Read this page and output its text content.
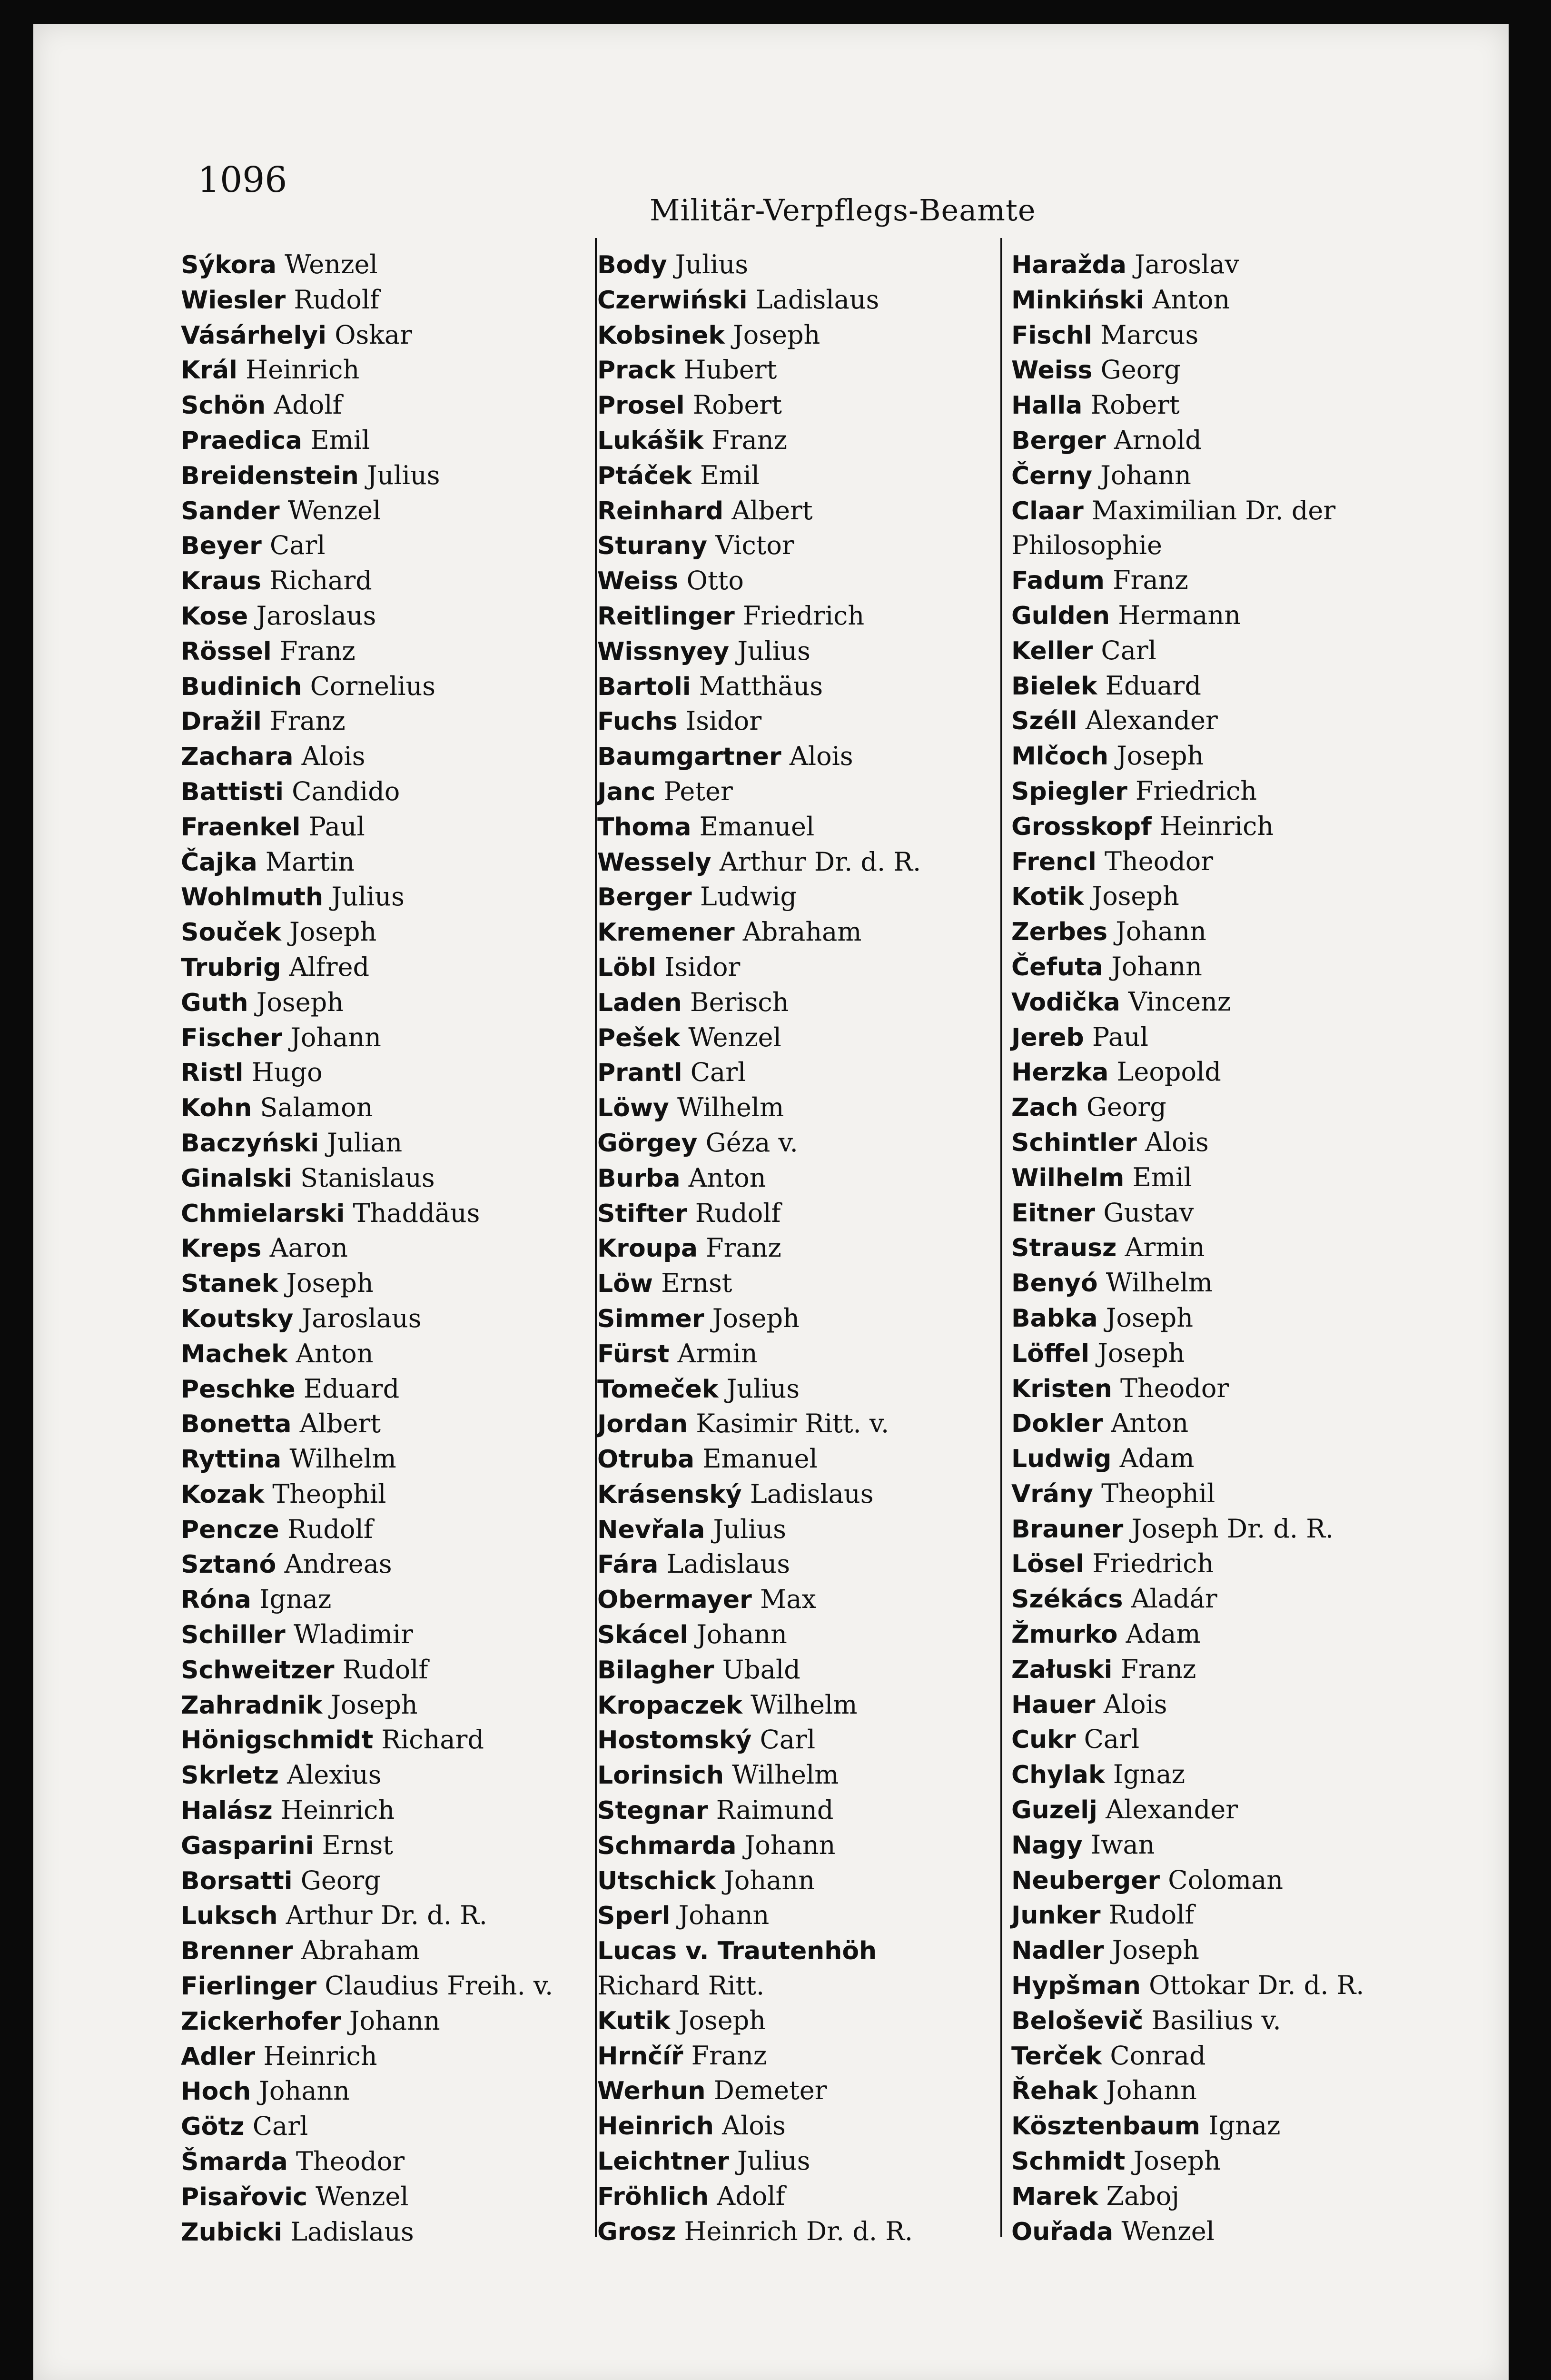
1096
Militär-Verpflegs-Beamte
Sýkora Wenzel
Wiesler Rudolf
Vásárhelyi Oskar
Král Heinrich
Schön Adolf
Praedica Emil
Breidenstein Julius
Sander Wenzel
Beyer Carl
Kraus Richard
Kose Jaroslaus
Rössel Franz
Budinich Cornelius
Dražil Franz
Zachara Alois
Battisti Candido
Fraenkel Paul
Čajka Martin
Wohlmuth Julius
Souček Joseph
Trubrig Alfred
Guth Joseph
Fischer Johann
Ristl Hugo
Kohn Salamon
Baczyński Julian
Ginalski Stanislaus
Chmielarski Thaddäus
Kreps Aaron
Stanek Joseph
Koutsky Jaroslaus
Machek Anton
Peschke Eduard
Bonetta Albert
Ryttina Wilhelm
Kozak Theophil
Pencze Rudolf
Sztanó Andreas
Róna Ignaz
Schiller Wladimir
Schweitzer Rudolf
Zahradnik Joseph
Hönigschmidt Richard
Skrletz Alexius
Halász Heinrich
Gasparini Ernst
Borsatti Georg
Luksch Arthur Dr. d. R.
Brenner Abraham
Fierlinger Claudius Freih. v.
Zickerhofer Johann
Adler Heinrich
Hoch Johann
Götz Carl
Šmarda Theodor
Pisařovic Wenzel
Zubicki Ladislaus
Body Julius
Czerwiński Ladislaus
Kobsinek Joseph
Prack Hubert
Prosel Robert
Lukášik Franz
Ptáček Emil
Reinhard Albert
Sturany Victor
Weiss Otto
Reitlinger Friedrich
Wissnyey Julius
Bartoli Matthäus
Fuchs Isidor
Baumgartner Alois
Janc Peter
Thoma Emanuel
Wessely Arthur Dr. d. R.
Berger Ludwig
Kremener Abraham
Löbl Isidor
Laden Berisch
Pešek Wenzel
Prantl Carl
Löwy Wilhelm
Görgey Géza v.
Burba Anton
Stifter Rudolf
Kroupa Franz
Löw Ernst
Simmer Joseph
Fürst Armin
Tomeček Julius
Jordan Kasimir Ritt. v.
Otruba Emanuel
Krásenský Ladislaus
Nevřala Julius
Fára Ladislaus
Obermayer Max
Skácel Johann
Bilagher Ubald
Kropaczek Wilhelm
Hostomský Carl
Lorinsich Wilhelm
Stegnar Raimund
Schmarda Johann
Utschick Johann
Sperl Johann
Lucas v. Trautenhöh Richard Ritt.
Kutik Joseph
Hrnčíř Franz
Werhun Demeter
Heinrich Alois
Leichtner Julius
Fröhlich Adolf
Grosz Heinrich Dr. d. R.
Haražda Jaroslav
Minkiński Anton
Fischl Marcus
Weiss Georg
Halla Robert
Berger Arnold
Černy Johann
Claar Maximilian Dr. der Philosophie
Fadum Franz
Gulden Hermann
Keller Carl
Bielek Eduard
Széll Alexander
Mlčoch Joseph
Spiegler Friedrich
Grosskopf Heinrich
Frencl Theodor
Kotik Joseph
Zerbes Johann
Čefuta Johann
Vodička Vincenz
Jereb Paul
Herzka Leopold
Zach Georg
Schintler Alois
Wilhelm Emil
Eitner Gustav
Strausz Armin
Benyó Wilhelm
Babka Joseph
Löffel Joseph
Kristen Theodor
Dokler Anton
Ludwig Adam
Vrány Theophil
Brauner Joseph Dr. d. R.
Lösel Friedrich
Székács Aladár
Žmurko Adam
Załuski Franz
Hauer Alois
Cukr Carl
Chylak Ignaz
Guzelj Alexander
Nagy Iwan
Neuberger Coloman
Junker Rudolf
Nadler Joseph
Hypšman Ottokar Dr. d. R.
Beloševič Basilius v.
Terček Conrad
Řehak Johann
Kösztenbaum Ignaz
Schmidt Joseph
Marek Zaboj
Ouřada Wenzel
